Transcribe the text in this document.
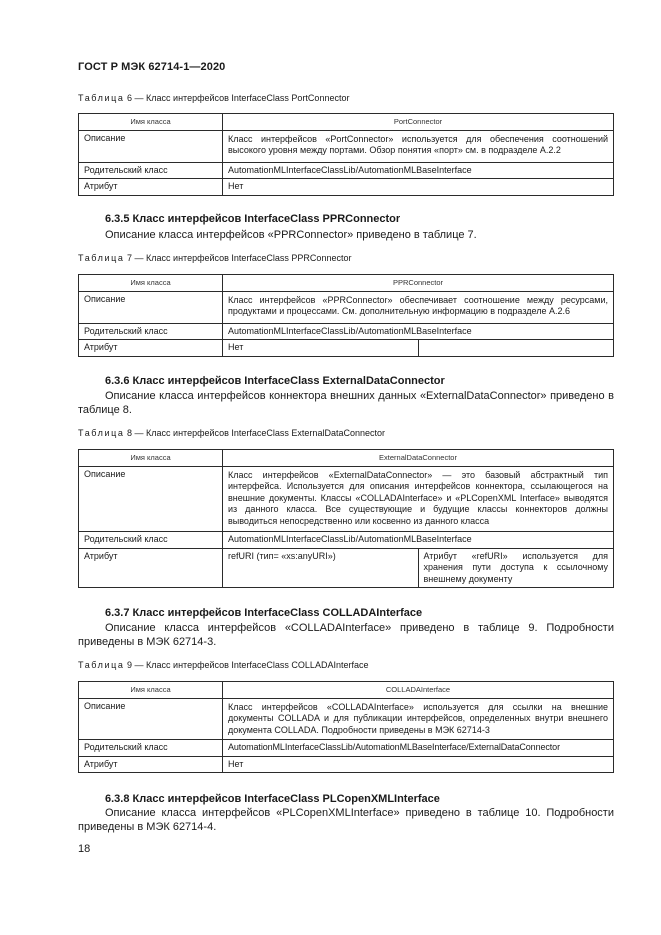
ГОСТ Р МЭК 62714-1—2020
Таблица 6 — Класс интерфейсов InterfaceClass PortConnector
Имя класса	PortConnector
Описание	Класс интерфейсов «PortConnector» используется для обеспечения соотношений высокого уровня между портами. Обзор понятия «порт» см. в подразделе А.2.2
Родительский класс	AutomationMLInterfaceClassLib/AutomationMLBaseInterface
Атрибут	Нет
6.3.5 Класс интерфейсов InterfaceClass PPRConnector
Описание класса интерфейсов «PPRConnector» приведено в таблице 7.
Таблица 7 — Класс интерфейсов InterfaceClass PPRConnector
Имя класса	PPRConnector	
Описание	Класс интерфейсов «PPRConnector» обеспечивает соотношение между ресурсами, продуктами и процессами. См. дополнительную информацию в подразделе А.2.6	
Родительский класс	AutomationMLInterfaceClassLib/AutomationMLBaseInterface	
Атрибут	Нет	
6.3.6 Класс интерфейсов InterfaceClass ExternalDataConnector
Описание класса интерфейсов коннектора внешних данных «ExternalDataConnector» приведено в таблице 8.
Таблица 8 — Класс интерфейсов InterfaceClass ExternalDataConnector
Имя класса	ExternalDataConnector	
Описание	Класс интерфейсов «ExternalDataConnector» — это базовый абстрактный тип интерфейса. Используется для описания интерфейсов коннектора, ссылающегося на внешние документы. Классы «COLLADAInterface» и «PLCopenXML Interface» выводятся из данного класса. Все существующие и будущие классы коннекторов должны выводиться непосредственно или косвенно из данного класса	
Родительский класс	AutomationMLInterfaceClassLib/AutomationMLBaseInterface	
Атрибут	refURI (тип= «xs:anyURI»)	Атрибут «refURI» используется для хранения пути доступа к ссылочному внешнему документу
6.3.7 Класс интерфейсов InterfaceClass COLLADAInterface
Описание класса интерфейсов «COLLADAInterface» приведено в таблице 9. Подробности приведены в МЭК 62714-3.
Таблица 9 — Класс интерфейсов InterfaceClass COLLADAInterface
Имя класса	COLLADAInterface
Описание	Класс интерфейсов «COLLADAInterface» используется для ссылки на внешние документы COLLADA и для публикации интерфейсов, определенных внутри внешнего документа COLLADA. Подробности приведены в МЭК 62714-3
Родительский класс	AutomationMLInterfaceClassLib/AutomationMLBaseInterface/ExternalDataConnector
Атрибут	Нет
6.3.8 Класс интерфейсов InterfaceClass PLCopenXMLInterface
Описание класса интерфейсов «PLCopenXMLInterface» приведено в таблице 10. Подробности приведены в МЭК 62714-4.
18
